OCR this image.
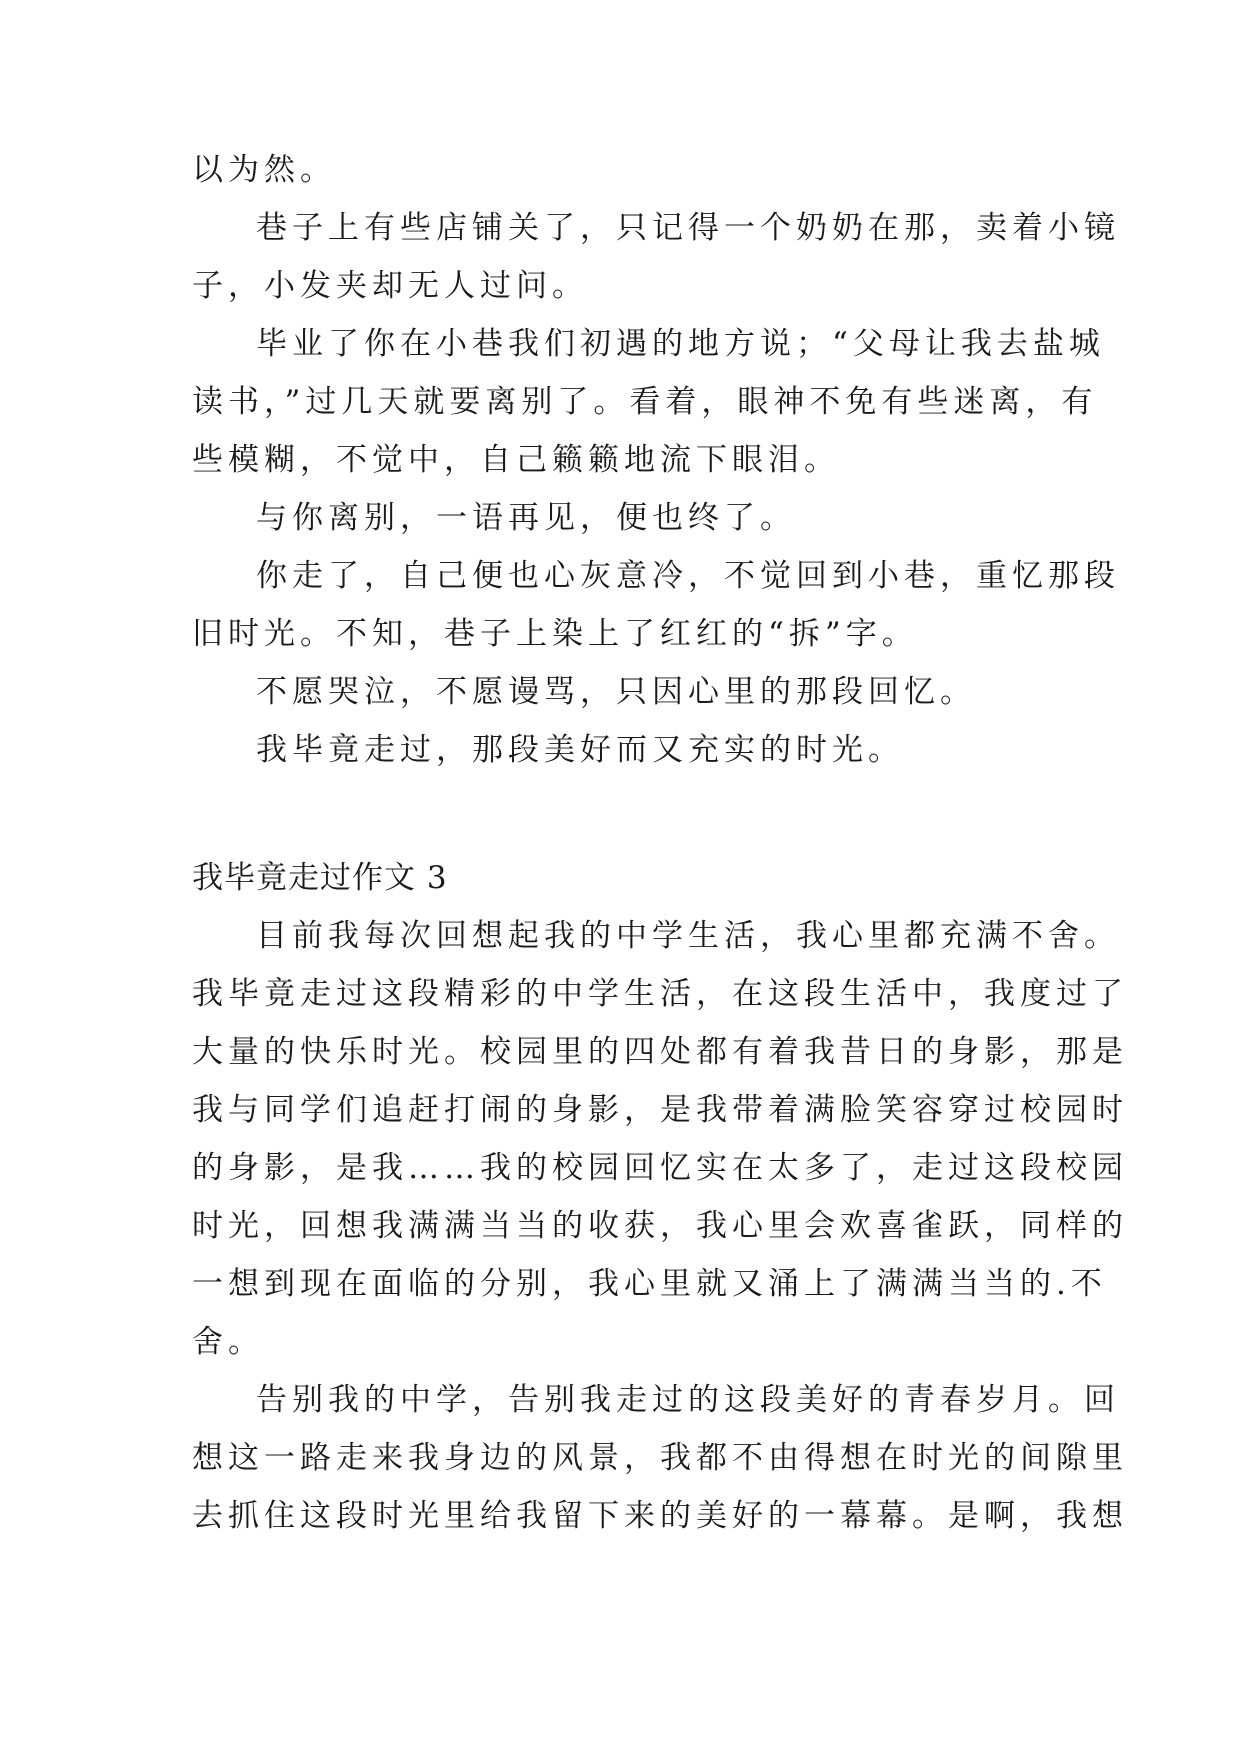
以为然。
巷子上有些店铺关了，只记得一个奶奶在那，卖着小镜
子，小发夹却无人过问。
毕业了你在小巷我们初遇的地方说；“父母让我去盐城
读书，”过几天就要离别了。看着，眼神不免有些迷离，有
些模糊，不觉中，自己籁籁地流下眼泪。
与你离别，一语再见，便也终了。
你走了，自己便也心灰意冷，不觉回到小巷，重忆那段
旧时光。不知，巷子上染上了红红的“拆”字。
不愿哭泣，不愿谩骂，只因心里的那段回忆。
我毕竟走过，那段美好而又充实的时光。
我毕竟走过作文 3
目前我每次回想起我的中学生活，我心里都充满不舍。
我毕竟走过这段精彩的中学生活，在这段生活中，我度过了
大量的快乐时光。校园里的四处都有着我昔日的身影，那是
我与同学们追赶打闹的身影，是我带着满脸笑容穿过校园时
的身影，是我……我的校园回忆实在太多了，走过这段校园
时光，回想我满满当当的收获，我心里会欢喜雀跃，同样的
一想到现在面临的分别，我心里就又涌上了满满当当的.不
舍。
告别我的中学，告别我走过的这段美好的青春岁月。回
想这一路走来我身边的风景，我都不由得想在时光的间隙里
去抓住这段时光里给我留下来的美好的一幕幕。是啊，我想
